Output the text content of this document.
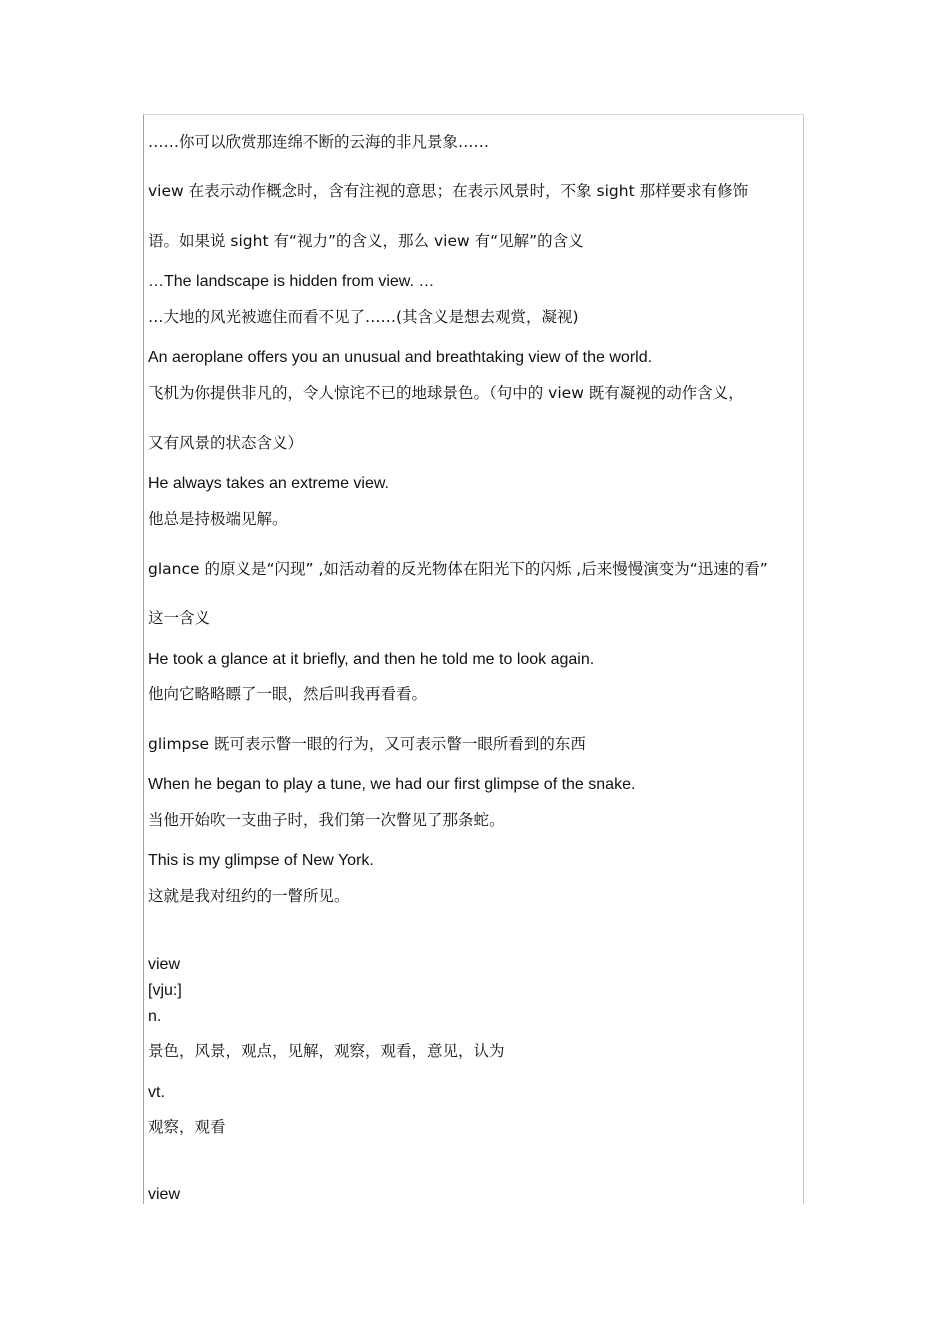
……你可以欣赏那连绵不断的云海的非凡景象……

view 在表示动作概念时，含有注视的意思；在表示风景时，不象 sight 那样要求有修饰

语。如果说 sight 有“视力”的含义，那么 view 有“见解”的含义

…The landscape is hidden from view. …

…大地的风光被遮住而看不见了……(其含义是想去观赏，凝视)

An aeroplane offers you an unusual and breathtaking view of the world.

飞机为你提供非凡的，令人惊诧不已的地球景色。（句中的 view 既有凝视的动作含义，

又有风景的状态含义）

He always takes an extreme view.

他总是持极端见解。

glance 的原义是“闪现” ,如活动着的反光物体在阳光下的闪烁 ,后来慢慢演变为“迅速的看”

这一含义

He took a glance at it briefly, and then he told me to look again.

他向它略略瞟了一眼，然后叫我再看看。

glimpse 既可表示瞥一眼的行为，又可表示瞥一眼所看到的东西

When he began to play a tune, we had our first glimpse of the snake.

当他开始吹一支曲子时，我们第一次瞥见了那条蛇。

This is my glimpse of New York.

这就是我对纽约的一瞥所见。

view

[vju:]

n.

景色，风景，观点，见解，观察，观看，意见，认为

vt.

观察，观看

view
